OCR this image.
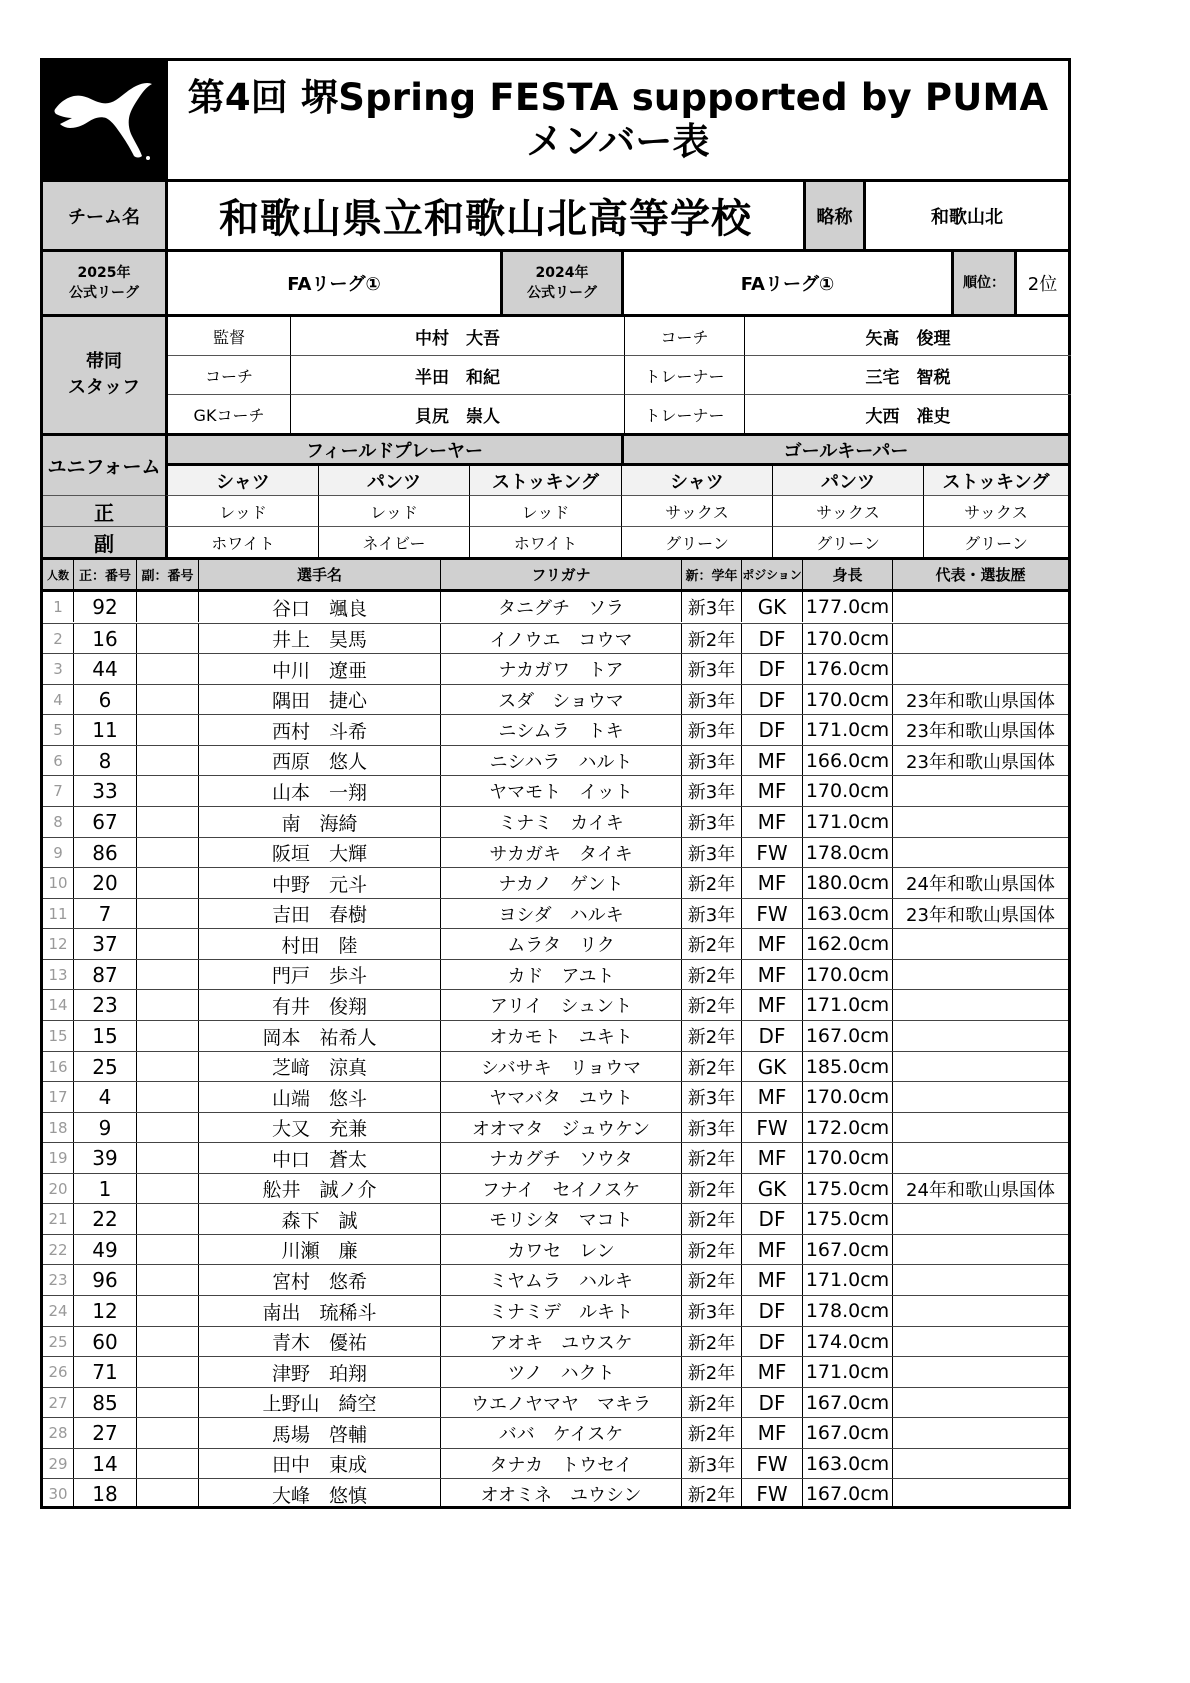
第4回 堺Spring FESTA supported by PUMA
メンバー表
チーム名	和歌山県立和歌山北高等学校	略称	和歌山北
2025年
公式リーグ	FAリーグ①
2024年
公式リーグ	FAリーグ①	順位：	2位
帯同
スタッフ
監督	中村　大吾	コーチ	矢髙　俊理
コーチ	半田　和紀	トレーナー	三宅　智税
GKコーチ	貝尻　崇人	トレーナー	大西　准史
ユニフォーム
フィールドプレーヤー	ゴールキーパー
シャツ	パンツ	ストッキング	シャツ	パンツ	ストッキング
正	レッド	レッド	レッド	サックス	サックス	サックス
副	ホワイト	ネイビー	ホワイト	グリーン	グリーン	グリーン
人数 正：番号 副：番号	選手名	フリガナ	新：学年 ポジション	身長	代表・選抜歴
1	92	谷口　颯良	タニグチ　ソラ	新3年	GK	177.0cm
2	16	井上　昊馬	イノウエ　コウマ	新2年	DF	170.0cm
3	44	中川　遼亜	ナカガワ　トア	新3年	DF	176.0cm
4	6	隅田　捷心	スダ　ショウマ	新3年	DF	170.0cm 23年和歌山県国体
5	11	西村　斗希	ニシムラ　トキ	新3年	DF	171.0cm 23年和歌山県国体
6	8	西原　悠人	ニシハラ　ハルト	新3年	MF	166.0cm 23年和歌山県国体
7	33	山本　一翔	ヤマモト　イット	新3年	MF	170.0cm
8	67	南　海綺	ミナミ　カイキ	新3年	MF	171.0cm
9	86	阪垣　大輝	サカガキ　タイキ	新3年	FW 178.0cm
10	20	中野　元斗	ナカノ　ゲント	新2年	MF	180.0cm 24年和歌山県国体
11	7	吉田　春樹	ヨシダ　ハルキ	新3年	FW 163.0cm 23年和歌山県国体
12	37	村田　陸	ムラタ　リク	新2年	MF	162.0cm
13	87	門戸　歩斗	カド　アユト	新2年	MF	170.0cm
14	23	有井　俊翔	アリイ　シュント	新2年	MF	171.0cm
15	15	岡本　祐希人	オカモト　ユキト	新2年	DF	167.0cm
16	25	芝﨑　涼真	シバサキ　リョウマ	新2年	GK	185.0cm
17	4	山端　悠斗	ヤマバタ　ユウト	新3年	MF	170.0cm
18	9	大又　充兼	オオマタ　ジュウケン	新3年	FW 172.0cm
19	39	中口　蒼太	ナカグチ　ソウタ	新2年	MF	170.0cm
20	1	舩井　誠ノ介	フナイ　セイノスケ	新2年	GK	175.0cm 24年和歌山県国体
21	22	森下　誠	モリシタ　マコト	新2年	DF	175.0cm
22	49	川瀬　廉	カワセ　レン	新2年	MF	167.0cm
23	96	宮村　悠希	ミヤムラ　ハルキ	新2年	MF	171.0cm
24	12	南出　琉稀斗	ミナミデ　ルキト	新3年	DF	178.0cm
25	60	青木　優祐	アオキ　ユウスケ	新2年	DF	174.0cm
26	71	津野　珀翔	ツノ　ハクト	新2年	MF	171.0cm
27	85	上野山　綺空	ウエノヤマヤ　マキラ	新2年	DF	167.0cm
28	27	馬場　啓輔	ババ　ケイスケ	新2年	MF	167.0cm
29	14	田中　東成	タナカ　トウセイ	新3年	FW 163.0cm
30	18	大峰　悠慎	オオミネ　ユウシン	新2年	FW 167.0cm
